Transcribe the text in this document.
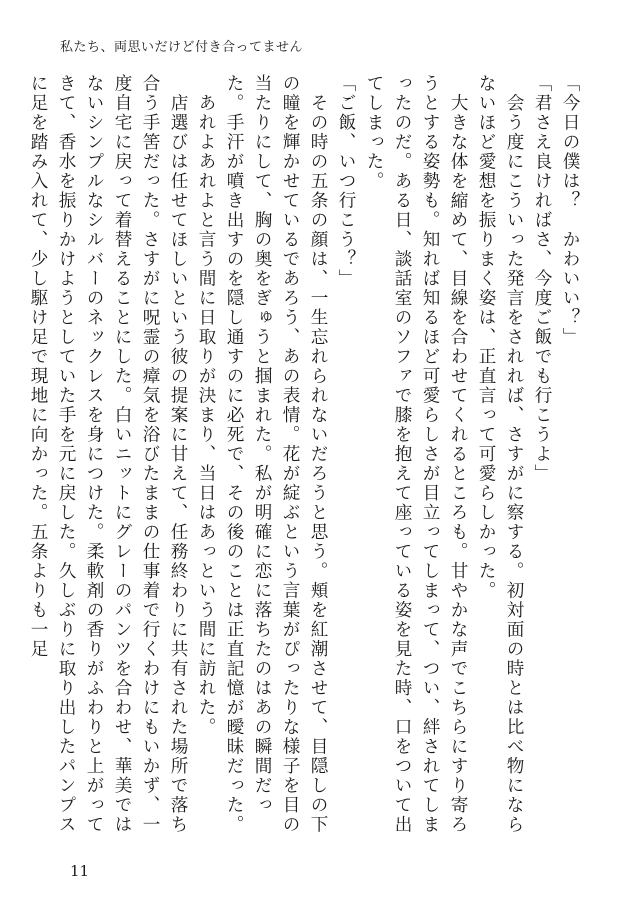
私たち、両思いだけど付き合ってません

「今日の僕は？　かわいい？」

「君さえ良ければさ、今度ご飯でも行こうよ」

　会う度にこういった発言をされれば、さすがに察する。初対面の時とは比べ物にならないほど愛想を振りまく姿は、正直言って可愛らしかった。

　大きな体を縮めて、目線を合わせてくれるところも。甘やかな声でこちらにすり寄ろうとする姿勢も。知れば知るほど可愛らしさが目立ってしまって、つい、絆されてしまったのだ。ある日、談話室のソファで膝を抱えて座っている姿を見た時、口をついて出てしまった。

「ご飯、いつ行こう？」

　その時の五条の顔は、一生忘れられないだろうと思う。頬を紅潮させて、目隠しの下の瞳を輝かせているであろう、あの表情。花が綻ぶという言葉がぴったりな様子を目の当たりにして、胸の奥をぎゅうと掴まれた。私が明確に恋に落ちたのはあの瞬間だった。手汗が噴き出すのを隠し通すのに必死で、その後のことは正直記憶が曖昧だった。

　あれよあれよと言う間に日取りが決まり、当日はあっという間に訪れた。

　店選びは任せてほしいという彼の提案に甘えて、任務終わりに共有された場所で落ち合う手筈だった。さすがに呪霊の瘴気を浴びたままの仕事着で行くわけにもいかず、一度自宅に戻って着替えることにした。白いニットにグレーのパンツを合わせ、華美ではないシンプルなシルバーのネックレスを身につけた。柔軟剤の香りがふわりと上がってきて、香水を振りかけようとしていた手を元に戻した。久しぶりに取り出したパンプスに足を踏み入れて、少し駆け足で現地に向かった。五条よりも一足

11
